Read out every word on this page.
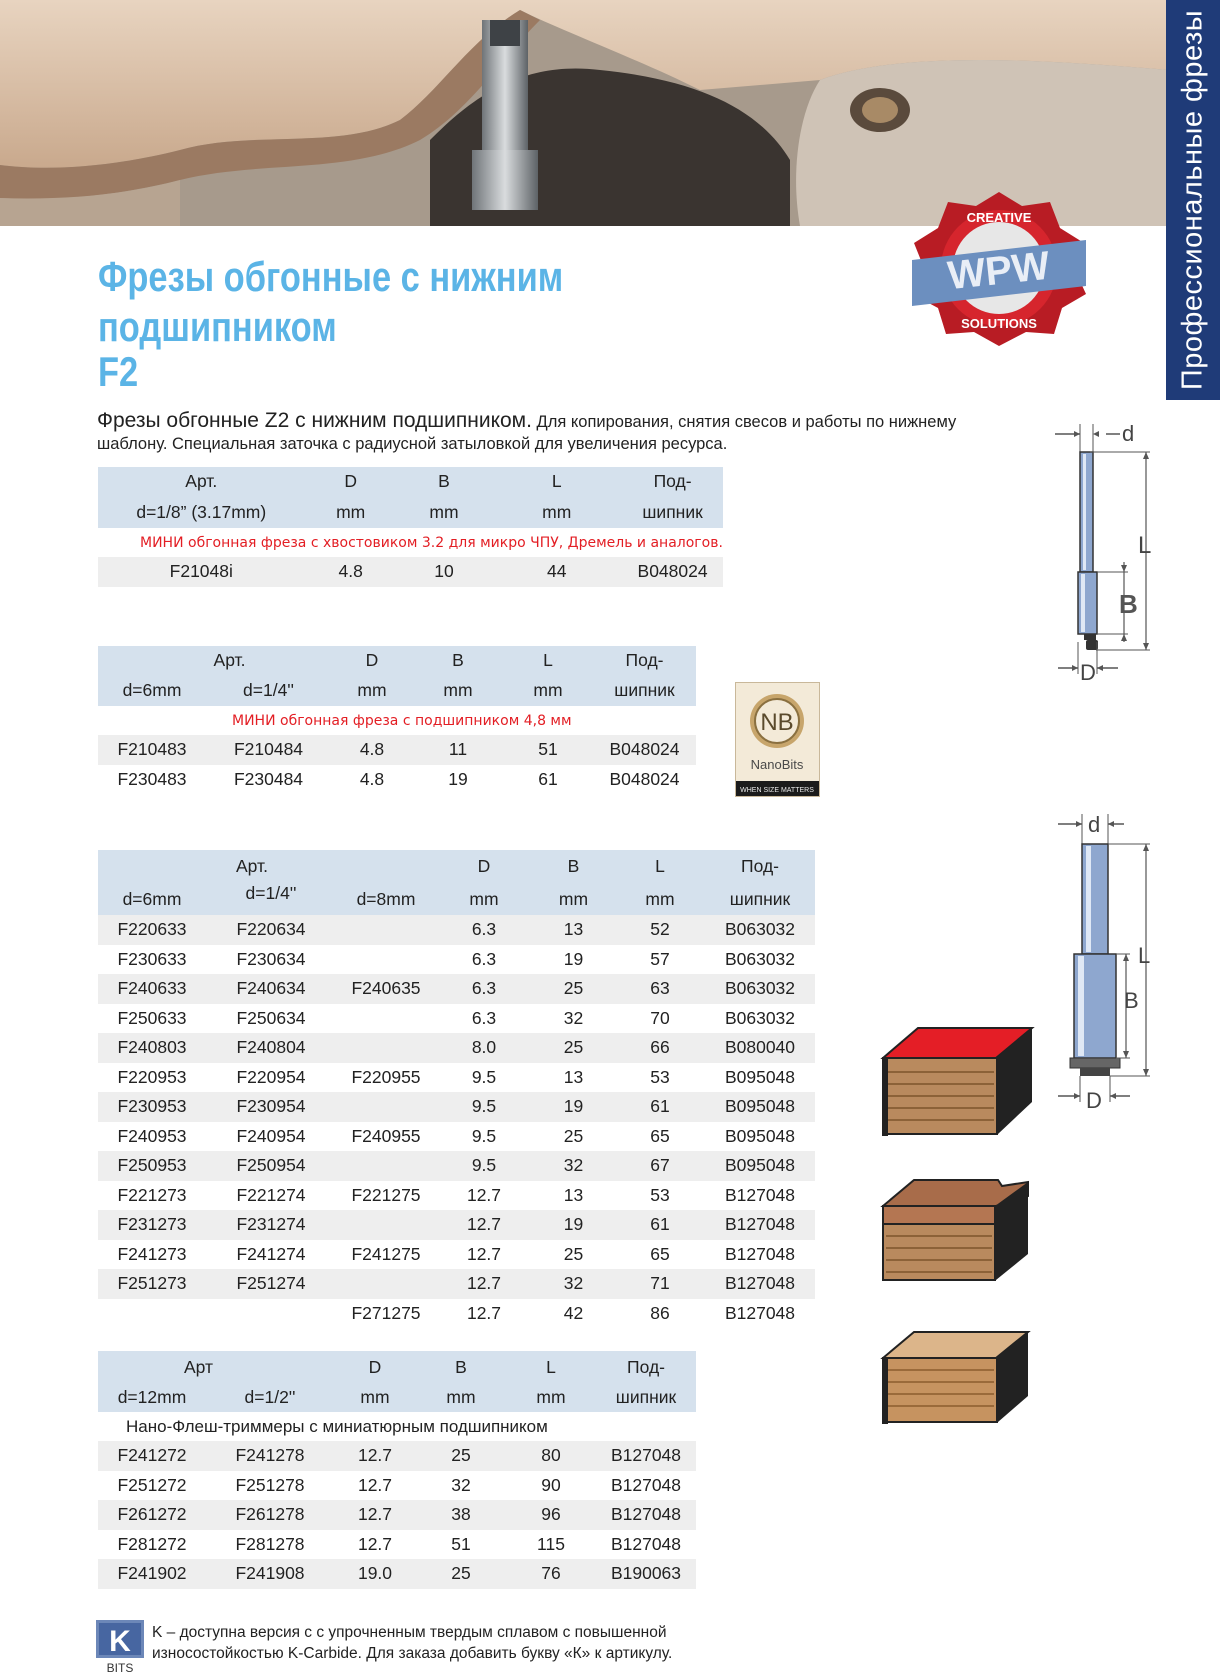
Профессиональные фрезы
WPW
CREATIVE
SOLUTIONS
Фрезы обгонные с нижним
подшипником
F2
Фрезы обгонные Z2 с нижним подшипником. Для копирования, снятия свесов и работы по нижнему шаблону. Специальная заточка с радиусной затыловкой для увеличения ресурса.
Арт.	D	B	L	Под-
d=1/8” (3.17mm)	mm	mm	mm	шипник
МИНИ обгонная фреза с хвостовиком 3.2 для микро ЧПУ, Дремель и аналогов.				
F21048i	4.8	10	44	B048024
Арт.		D	B	L	Под-
d=6mm	d=1/4''	mm	mm	mm	шипник
МИНИ обгонная фреза с подшипником 4,8 мм					
F210483	F210484	4.8	11	51	B048024
F230483	F230484	4.8	19	61	B048024
NB
NanoBits
WHEN SIZE MATTERS
	Арт.		D	B	L	Под-
d=6mm	d=1/4''	d=8mm	mm	mm	mm	шипник
F220633	F220634		6.3	13	52	B063032
F230633	F230634		6.3	19	57	B063032
F240633	F240634	F240635	6.3	25	63	B063032
F250633	F250634		6.3	32	70	B063032
F240803	F240804		8.0	25	66	B080040
F220953	F220954	F220955	9.5	13	53	B095048
F230953	F230954		9.5	19	61	B095048
F240953	F240954	F240955	9.5	25	65	B095048
F250953	F250954		9.5	32	67	B095048
F221273	F221274	F221275	12.7	13	53	B127048
F231273	F231274		12.7	19	61	B127048
F241273	F241274	F241275	12.7	25	65	B127048
F251273	F251274		12.7	32	71	B127048
		F271275	12.7	42	86	B127048
Арт		D	B	L	Под-
d=12mm	d=1/2''	mm	mm	mm	шипник
Нано-Флеш-триммеры с миниатюрным подшипником					
F241272	F241278	12.7	25	80	B127048
F251272	F251278	12.7	32	90	B127048
F261272	F261278	12.7	38	96	B127048
F281272	F281278	12.7	51	115	B127048
F241902	F241908	19.0	25	76	B190063
d
L
B
D
d
L
B
D
K
BITS
K – доступна версия с с упрочненным твердым сплавом с повышенной износостойкостью K-Carbide. Для заказа добавить букву «К» к артикулу.
